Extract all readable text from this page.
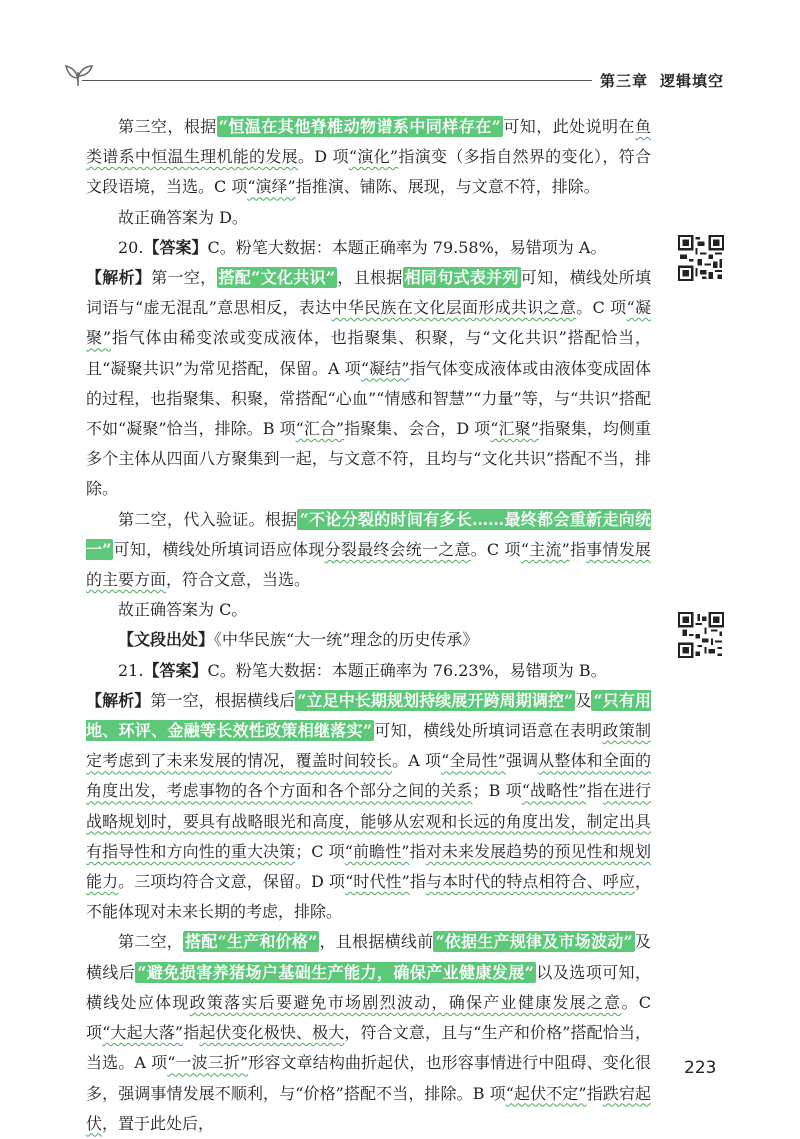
第三章 逻辑填空

第三空，根据 “恒温在其他脊椎动物谱系中同样存在” 可知，此处说明在鱼类谱系中恒温生理机能的发展。D 项“演化”指演变（多指自然界的变化），符合文段语境，当选。C 项“演绎”指推演、铺陈、展现，与文意不符，排除。

故正确答案为 D。

20.【答案】C。粉笔大数据：本题正确率为 79.58%，易错项为 A。

【解析】第一空， 搭配“文化共识” ，且根据 相同句式表并列 可知，横线处所填词语与“虚无混乱”意思相反，表达中华民族在文化层面形成共识之意。C 项“凝聚”指气体由稀变浓或变成液体，也指聚集、积聚，与“文化共识”搭配恰当，且“凝聚共识”为常见搭配，保留。A 项“凝结”指气体变成液体或由液体变成固体的过程，也指聚集、积聚，常搭配“心血”“情感和智慧”“力量”等，与“共识”搭配不如“凝聚”恰当，排除。B 项“汇合”指聚集、会合，D 项“汇聚”指聚集，均侧重多个主体从四面八方聚集到一起，与文意不符，且均与“文化共识”搭配不当，排除。

第二空，代入验证。根据 “不论分裂的时间有多长……最终都会重新走向统一” 可知，横线处所填词语应体现分裂最终会统一之意。C 项“主流”指事情发展的主要方面，符合文意，当选。

故正确答案为 C。

【文段出处】《中华民族“大一统”理念的历史传承》

21.【答案】C。粉笔大数据：本题正确率为 76.23%，易错项为 B。

【解析】第一空，根据横线后 “立足中长期规划持续展开跨周期调控” 及 “只有用地、环评、金融等长效性政策相继落实” 可知，横线处所填词语意在表明政策制定考虑到了未来发展的情况，覆盖时间较长。A 项“全局性”强调从整体和全面的角度出发，考虑事物的各个方面和各个部分之间的关系；B 项“战略性”指在进行战略规划时，要具有战略眼光和高度，能够从宏观和长远的角度出发，制定出具有指导性和方向性的重大决策；C 项“前瞻性”指对未来发展趋势的预见性和规划能力。三项均符合文意，保留。D 项“时代性”指与本时代的特点相符合、呼应，不能体现对未来长期的考虑，排除。

第二空， 搭配“生产和价格” ，且根据横线前 “依据生产规律及市场波动” 及横线后 “避免损害养猪场户基础生产能力，确保产业健康发展” 以及选项可知，横线处应体现政策落实后要避免市场剧烈波动，确保产业健康发展之意。C 项“大起大落”指起伏变化极快、极大，符合文意，且与“生产和价格”搭配恰当，当选。A 项“一波三折”形容文章结构曲折起伏，也形容事情进行中阻碍、变化很多，强调事情发展不顺利，与“价格”搭配不当，排除。B 项“起伏不定”指跌宕起伏，置于此处后，

223
